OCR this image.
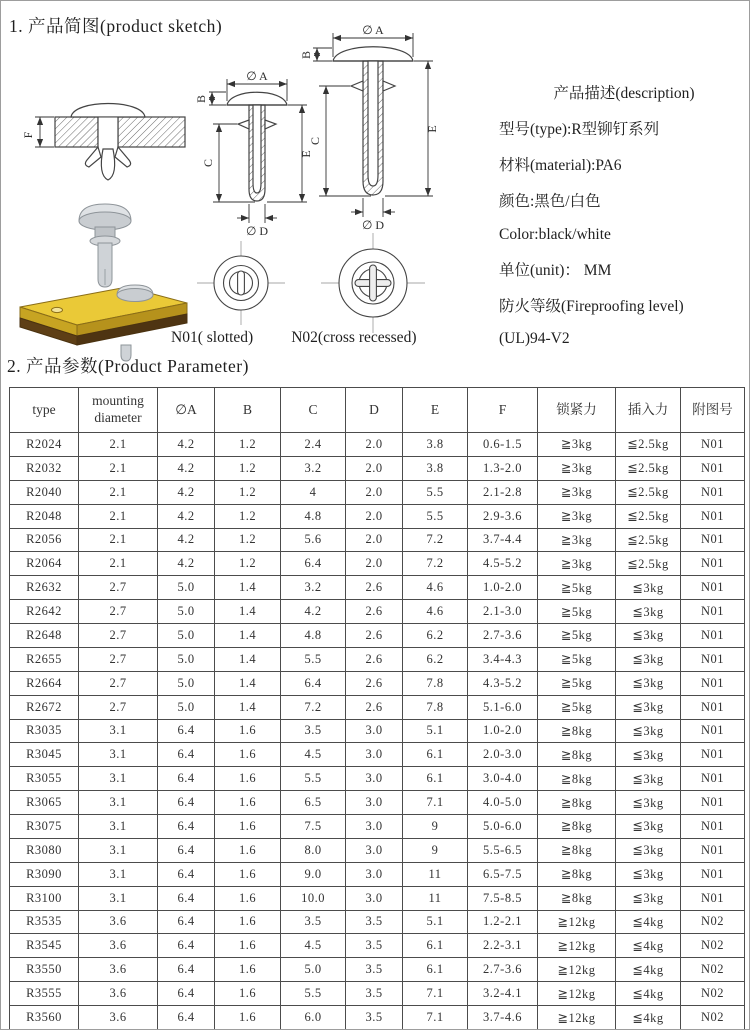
1. 产品简图(product sketch)
F
∅ A
B
C
E
∅ D
∅ A
B
C
E
∅ D
N01( slotted) N02(cross recessed)
产品描述(description)
型号(type):R型铆钉系列
材料(material):PA6
颜色:黑色/白色
Color:black/white
单位(unit)： MM
防火等级(Fireproofing level)
(UL)94-V2
2. 产品参数(Product Parameter)
type	mounting diameter	∅A	B	C	D	E	F	锁紧力	插入力	附图号
R2024	2.1	4.2	1.2	2.4	2.0	3.8	0.6-1.5	≧3kg	≦2.5kg	N01
R2032	2.1	4.2	1.2	3.2	2.0	3.8	1.3-2.0	≧3kg	≦2.5kg	N01
R2040	2.1	4.2	1.2	4	2.0	5.5	2.1-2.8	≧3kg	≦2.5kg	N01
R2048	2.1	4.2	1.2	4.8	2.0	5.5	2.9-3.6	≧3kg	≦2.5kg	N01
R2056	2.1	4.2	1.2	5.6	2.0	7.2	3.7-4.4	≧3kg	≦2.5kg	N01
R2064	2.1	4.2	1.2	6.4	2.0	7.2	4.5-5.2	≧3kg	≦2.5kg	N01
R2632	2.7	5.0	1.4	3.2	2.6	4.6	1.0-2.0	≧5kg	≦3kg	N01
R2642	2.7	5.0	1.4	4.2	2.6	4.6	2.1-3.0	≧5kg	≦3kg	N01
R2648	2.7	5.0	1.4	4.8	2.6	6.2	2.7-3.6	≧5kg	≦3kg	N01
R2655	2.7	5.0	1.4	5.5	2.6	6.2	3.4-4.3	≧5kg	≦3kg	N01
R2664	2.7	5.0	1.4	6.4	2.6	7.8	4.3-5.2	≧5kg	≦3kg	N01
R2672	2.7	5.0	1.4	7.2	2.6	7.8	5.1-6.0	≧5kg	≦3kg	N01
R3035	3.1	6.4	1.6	3.5	3.0	5.1	1.0-2.0	≧8kg	≦3kg	N01
R3045	3.1	6.4	1.6	4.5	3.0	6.1	2.0-3.0	≧8kg	≦3kg	N01
R3055	3.1	6.4	1.6	5.5	3.0	6.1	3.0-4.0	≧8kg	≦3kg	N01
R3065	3.1	6.4	1.6	6.5	3.0	7.1	4.0-5.0	≧8kg	≦3kg	N01
R3075	3.1	6.4	1.6	7.5	3.0	9	5.0-6.0	≧8kg	≦3kg	N01
R3080	3.1	6.4	1.6	8.0	3.0	9	5.5-6.5	≧8kg	≦3kg	N01
R3090	3.1	6.4	1.6	9.0	3.0	11	6.5-7.5	≧8kg	≦3kg	N01
R3100	3.1	6.4	1.6	10.0	3.0	11	7.5-8.5	≧8kg	≦3kg	N01
R3535	3.6	6.4	1.6	3.5	3.5	5.1	1.2-2.1	≧12kg	≦4kg	N02
R3545	3.6	6.4	1.6	4.5	3.5	6.1	2.2-3.1	≧12kg	≦4kg	N02
R3550	3.6	6.4	1.6	5.0	3.5	6.1	2.7-3.6	≧12kg	≦4kg	N02
R3555	3.6	6.4	1.6	5.5	3.5	7.1	3.2-4.1	≧12kg	≦4kg	N02
R3560	3.6	6.4	1.6	6.0	3.5	7.1	3.7-4.6	≧12kg	≦4kg	N02
